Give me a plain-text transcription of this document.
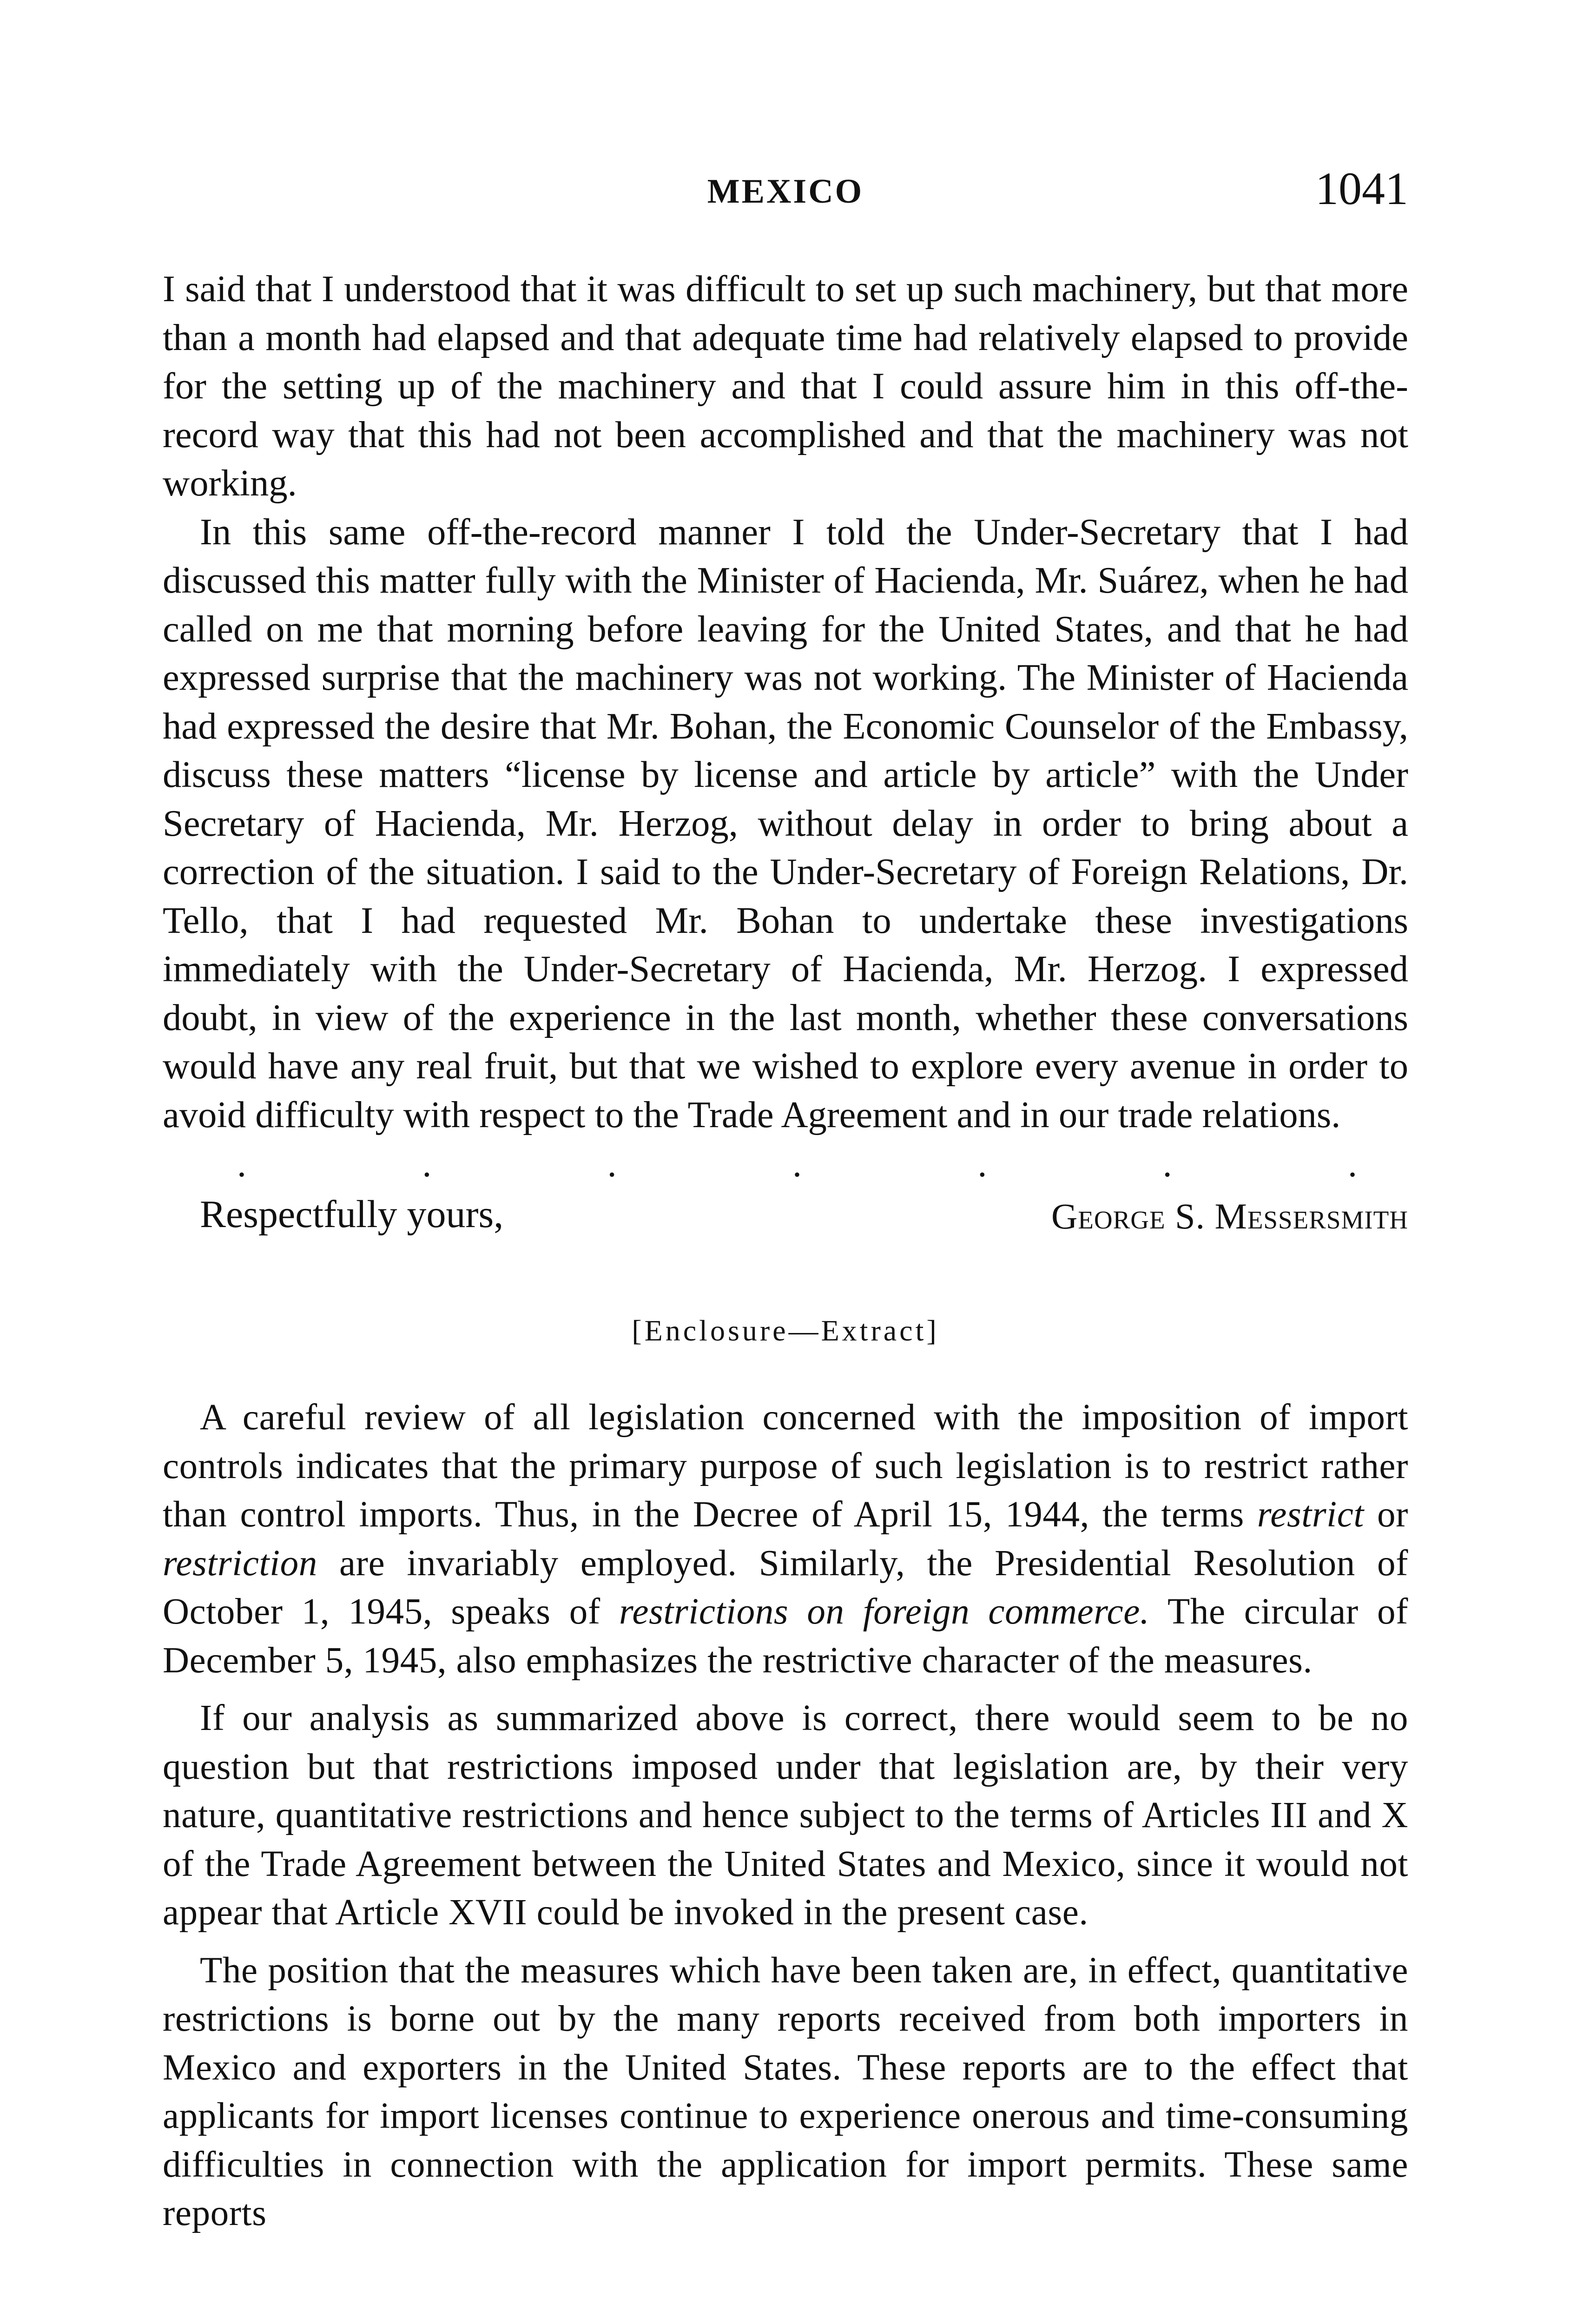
MEXICO	1041

I said that I understood that it was difficult to set up such machinery, but that more than a month had elapsed and that adequate time had relatively elapsed to provide for the setting up of the machinery and that I could assure him in this off-the-record way that this had not been accomplished and that the machinery was not working.

In this same off-the-record manner I told the Under-Secretary that I had discussed this matter fully with the Minister of Hacienda, Mr. Suárez, when he had called on me that morning before leaving for the United States, and that he had expressed surprise that the machinery was not working. The Minister of Hacienda had expressed the desire that Mr. Bohan, the Economic Counselor of the Embassy, discuss these matters “license by license and article by article” with the Under Secretary of Hacienda, Mr. Herzog, without delay in order to bring about a correction of the situation. I said to the Under-Secretary of Foreign Relations, Dr. Tello, that I had requested Mr. Bohan to undertake these investigations immediately with the Under-Secretary of Hacienda, Mr. Herzog. I expressed doubt, in view of the experience in the last month, whether these conversations would have any real fruit, but that we wished to explore every avenue in order to avoid difficulty with respect to the Trade Agreement and in our trade relations.

.	.	.	.	.	.	.
Respectfully yours,	George S. Messersmith
[Enclosure—Extract]

A careful review of all legislation concerned with the imposition of import controls indicates that the primary purpose of such legislation is to restrict rather than control imports. Thus, in the Decree of April 15, 1944, the terms restrict or restriction are invariably employed. Similarly, the Presidential Resolution of October 1, 1945, speaks of restrictions on foreign commerce. The circular of December 5, 1945, also emphasizes the restrictive character of the measures.

If our analysis as summarized above is correct, there would seem to be no question but that restrictions imposed under that legislation are, by their very nature, quantitative restrictions and hence subject to the terms of Articles III and X of the Trade Agreement between the United States and Mexico, since it would not appear that Article XVII could be invoked in the present case.

The position that the measures which have been taken are, in effect, quantitative restrictions is borne out by the many reports received from both importers in Mexico and exporters in the United States. These reports are to the effect that applicants for import licenses continue to experience onerous and time-consuming difficulties in connection with the application for import permits. These same reports
